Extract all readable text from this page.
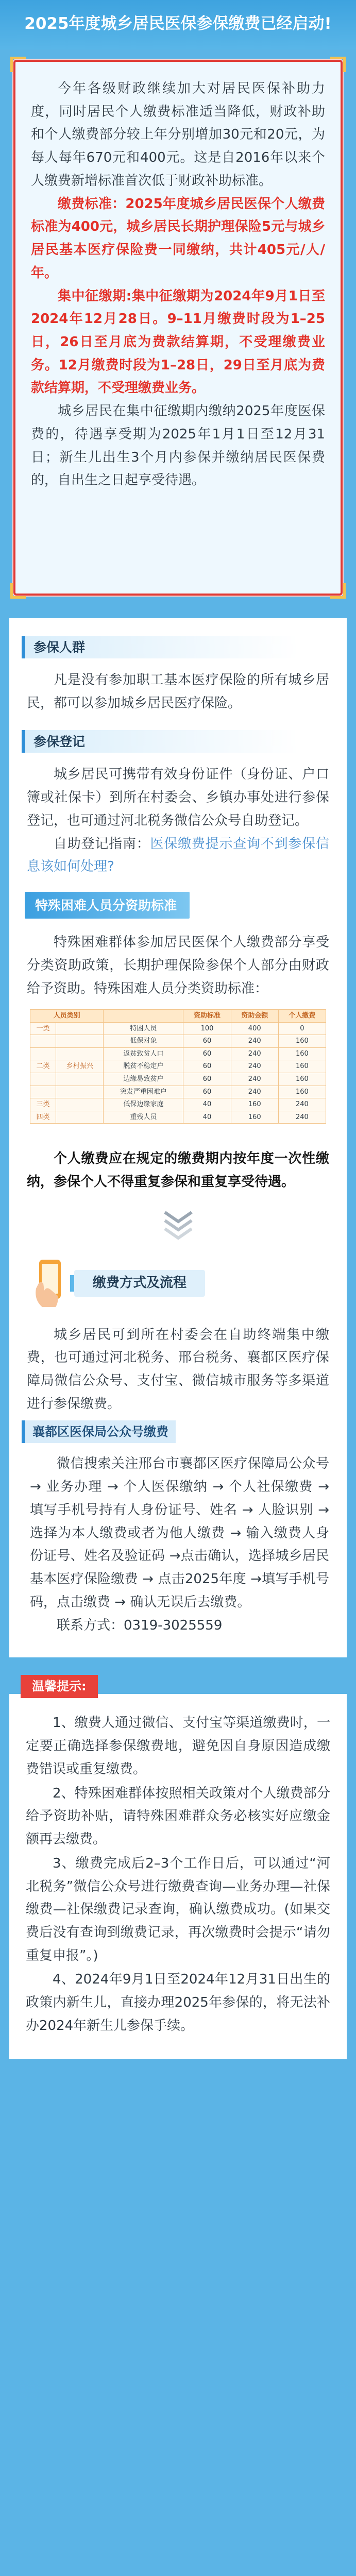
2025年度城乡居民医保参保缴费已经启动!

今年各级财政继续加大对居民医保补助力度，同时居民个人缴费标准适当降低，财政补助和个人缴费部分较上年分别增加30元和20元，为每人每年670元和400元。这是自2016年以来个人缴费新增标准首次低于财政补助标准。

缴费标准：2025年度城乡居民医保个人缴费标准为400元，城乡居民长期护理保险5元与城乡居民基本医疗保险费一同缴纳，共计405元/人/年。

集中征缴期:集中征缴期为2024年9月1日至2024年12月28日。9–11月缴费时段为1–25日，26日至月底为费款结算期，不受理缴费业务。12月缴费时段为1–28日，29日至月底为费款结算期，不受理缴费业务。

城乡居民在集中征缴期内缴纳2025年度医保费的，待遇享受期为2025年1月1日至12月31日；新生儿出生3个月内参保并缴纳居民医保费的，自出生之日起享受待遇。

参保人群

凡是没有参加职工基本医疗保险的所有城乡居民，都可以参加城乡居民医疗保险。

参保登记

城乡居民可携带有效身份证件（身份证、户口簿或社保卡）到所在村委会、乡镇办事处进行参保登记，也可通过河北税务微信公众号自助登记。

自助登记指南：医保缴费提示查询不到参保信息该如何处理?

特殊困难人员分资助标准

特殊困难群体参加居民医保个人缴费部分享受分类资助政策，长期护理保险参保个人部分由财政给予资助。特殊困难人员分类资助标准：

人员类别			资助标准	资助金额	个人缴费
一类		特困人员	100	400	0
		低保对象	60	240	160
		返贫致贫人口	60	240	160
二类	乡村振兴	脱贫不稳定户	60	240	160
		边缘易致贫户	60	240	160
		突发严重困难户	60	240	160
三类		低保边缘家庭	40	160	240
四类		重残人员	40	160	240

个人缴费应在规定的缴费期内按年度一次性缴纳，参保个人不得重复参保和重复享受待遇。

缴费方式及流程

城乡居民可到所在村委会在自助终端集中缴费，也可通过河北税务、邢台税务、襄都区医疗保障局微信公众号、支付宝、微信城市服务等多渠道进行参保缴费。

襄都区医保局公众号缴费

微信搜索关注邢台市襄都区医疗保障局公众号 → 业务办理 → 个人医保缴纳 → 个人社保缴费 → 填写手机号持有人身份证号、姓名 → 人脸识别 → 选择为本人缴费或者为他人缴费 → 输入缴费人身份证号、姓名及验证码 →点击确认，选择城乡居民基本医疗保险缴费 → 点击2025年度 →填写手机号码，点击缴费 → 确认无误后去缴费。

联系方式：0319-3025559

温馨提示:

1、缴费人通过微信、支付宝等渠道缴费时，一定要正确选择参保缴费地，避免因自身原因造成缴费错误或重复缴费。

2、特殊困难群体按照相关政策对个人缴费部分给予资助补贴，请特殊困难群众务必核实好应缴金额再去缴费。

3、缴费完成后2–3个工作日后，可以通过“河北税务”微信公众号进行缴费查询—业务办理—社保缴费—社保缴费记录查询，确认缴费成功。(如果交费后没有查询到缴费记录，再次缴费时会提示“请勿重复申报”。)

4、2024年9月1日至2024年12月31日出生的政策内新生儿，直接办理2025年参保的，将无法补办2024年新生儿参保手续。
